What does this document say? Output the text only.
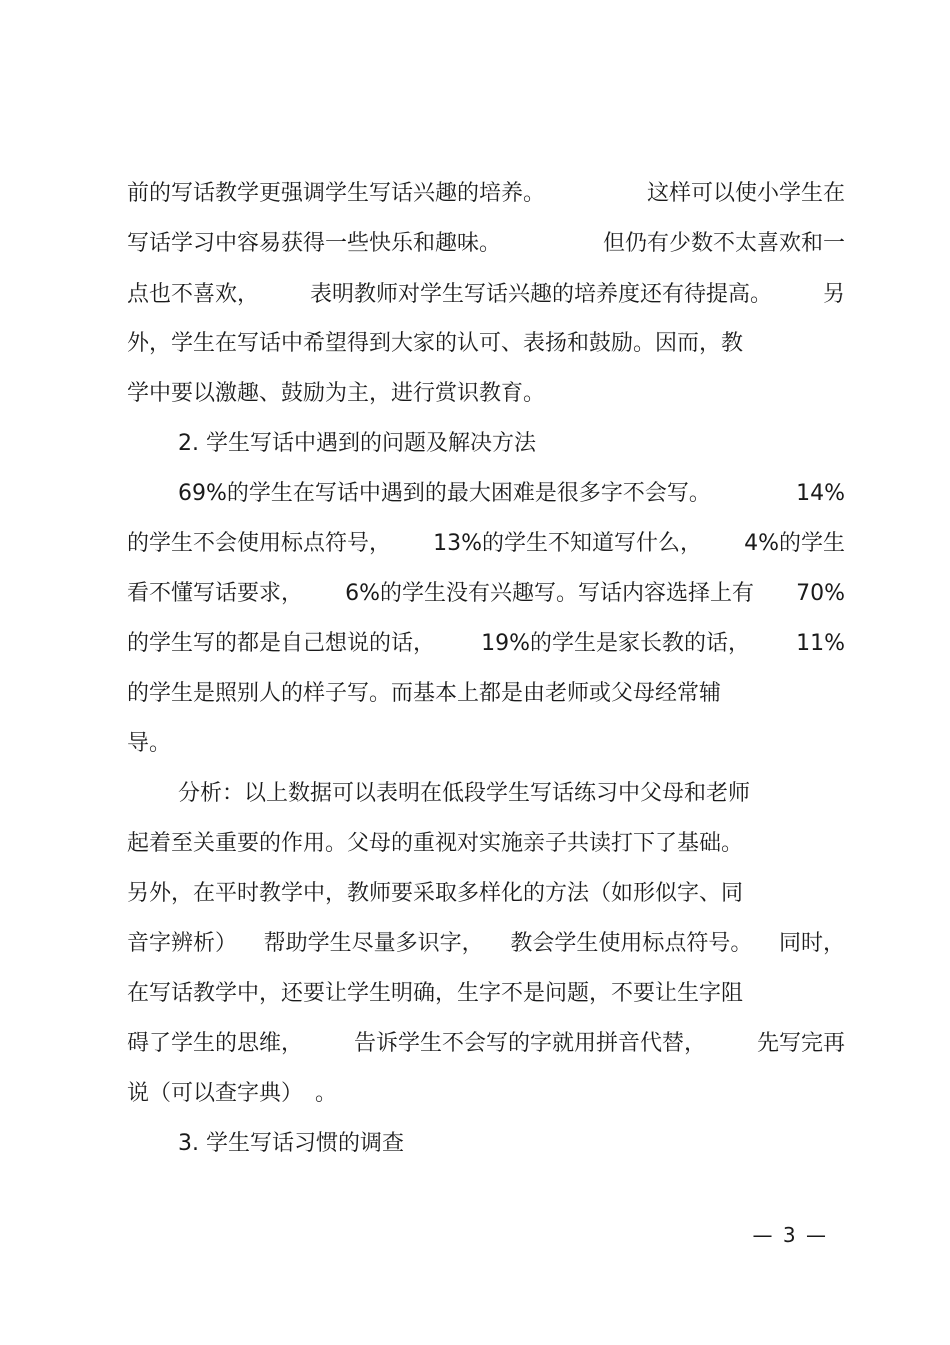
前的写话教学更强调学生写话兴趣的培养。	这样可以使小学生在
写话学习中容易获得一些快乐和趣味。	但仍有少数不太喜欢和一
点也不喜欢， 表明教师对学生写话兴趣的培养度还有待提高。 另
外，学生在写话中希望得到大家的认可、表扬和鼓励。因而，教
学中要以激趣、鼓励为主，进行赏识教育。
2. 学生写话中遇到的问题及解决方法
69%的学生在写话中遇到的最大困难是很多字不会写。	14%
的学生不会使用标点符号， 13%的学生不知道写什么， 4%的学生
看不懂写话要求， 6%的学生没有兴趣写。写话内容选择上有 70%
的学生写的都是自己想说的话， 19%的学生是家长教的话， 11%
的学生是照别人的样子写。而基本上都是由老师或父母经常辅
导。
分析：以上数据可以表明在低段学生写话练习中父母和老师
起着至关重要的作用。父母的重视对实施亲子共读打下了基础。
另外，在平时教学中，教师要采取多样化的方法（如形似字、同
音字辨析） 帮助学生尽量多识字， 教会学生使用标点符号。 同时，
在写话教学中，还要让学生明确，生字不是问题，不要让生字阻
碍了学生的思维， 告诉学生不会写的字就用拼音代替， 先写完再
说（可以查字典） 。
3. 学生写话习惯的调查
— 3 —
